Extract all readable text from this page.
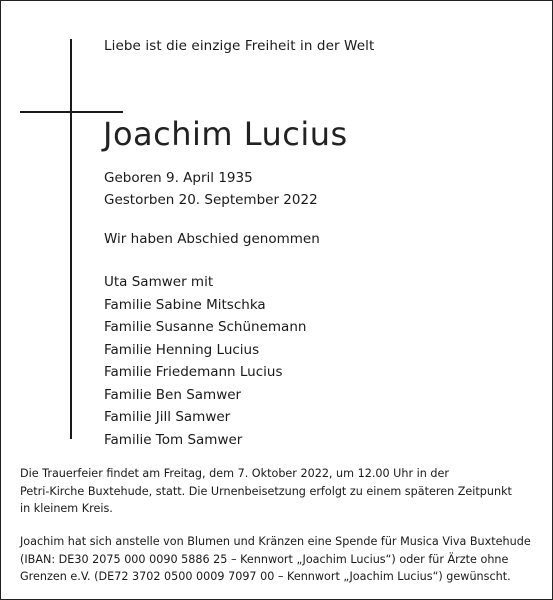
Liebe ist die einzige Freiheit in der Welt
Joachim Lucius
Geboren 9. April 1935
Gestorben 20. September 2022
Wir haben Abschied genommen
Uta Samwer mit
Familie Sabine Mitschka
Familie Susanne Schünemann
Familie Henning Lucius
Familie Friedemann Lucius
Familie Ben Samwer
Familie Jill Samwer
Familie Tom Samwer

Die Trauerfeier findet am Freitag, dem 7. Oktober 2022, um 12.00 Uhr in der
Petri-Kirche Buxtehude, statt. Die Urnenbeisetzung erfolgt zu einem späteren Zeitpunkt
in kleinem Kreis.

Joachim hat sich anstelle von Blumen und Kränzen eine Spende für Musica Viva Buxtehude
(IBAN: DE30 2075 000 0090 5886 25 – Kennwort „Joachim Lucius“) oder für Ärzte ohne
Grenzen e.V. (DE72 3702 0500 0009 7097 00 – Kennwort „Joachim Lucius“) gewünscht.
